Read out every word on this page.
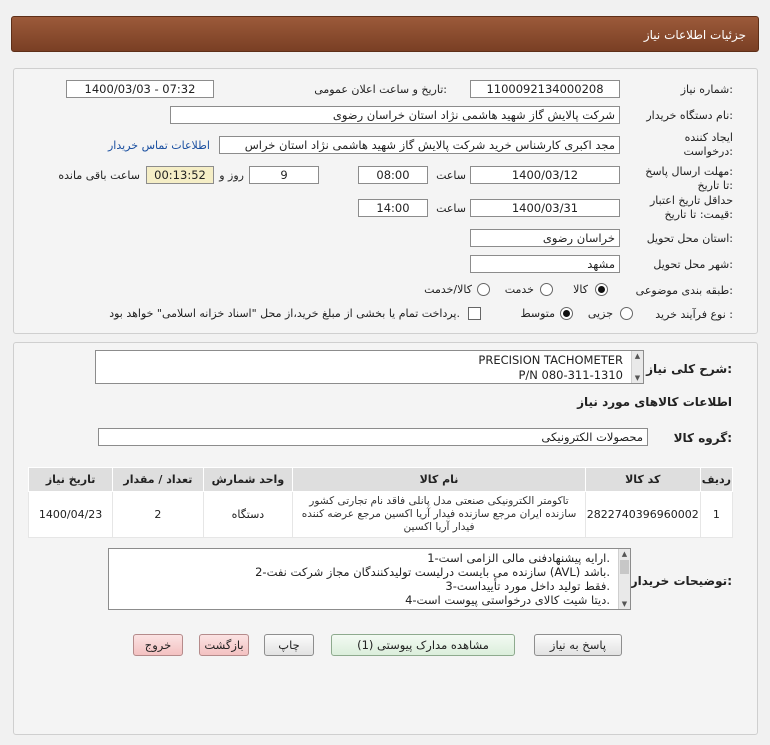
جزئیات اطلاعات نیاز
شماره نیاز:
1100092134000208
تاریخ و ساعت اعلان عمومی:
1400/03/03 - 07:32
نام دستگاه خریدار:
شرکت پالایش گاز شهید هاشمی نژاد استان خراسان رضوی
ایجاد کننده
درخواست:
مجد اکبری کارشناس خرید شرکت پالایش گاز شهید هاشمی نژاد استان خراس
اطلاعات تماس خریدار
مهلت ارسال پاسخ:
تا تاریخ:
1400/03/12
ساعت
08:00
9
روز و
00:13:52
ساعت باقی مانده
حداقل تاریخ اعتبار
قیمت: تا تاریخ:
1400/03/31
ساعت
14:00
استان محل تحویل:
خراسان رضوی
شهر محل تحویل:
مشهد
طبقه بندی موضوعی:
کالا
خدمت
کالا/خدمت
نوع فرآیند خرید :
جزیی
متوسط
پرداخت تمام یا بخشی از مبلغ خرید،از محل "اسناد خزانه اسلامی" خواهد بود.
شرح کلی نیاز:
PRECISION TACHOMETER
P/N 080-311-1310
▲
▼
اطلاعات کالاهای مورد نیاز
گروه کالا:
محصولات الکترونیکی
تاریخ نیاز	تعداد / مقدار	واحد شمارش	نام کالا	کد کالا	ردیف
1400/04/23	2	دستگاه	تاکومتر الکترونیکی صنعتی مدل پانلی فاقد نام تجارتی کشور سازنده ایران مرجع سازنده فیدار آریا اکسین مرجع عرضه کننده فیدار آریا اکسین	2822740396960002	1
توضیحات خریدار:
1-ارایه پیشنهادفنی مالی الزامی است.
2-سازنده می بایست درلیست تولیدکنندگان مجاز شرکت نفت (AVL) باشد.
3-فقط تولید داخل مورد تأییداست.
4-دیتا شیت کالای درخواستی پیوست است.
▲
▼
پاسخ به نیاز
مشاهده مدارک پیوستی (1)
چاپ
بازگشت
خروج
